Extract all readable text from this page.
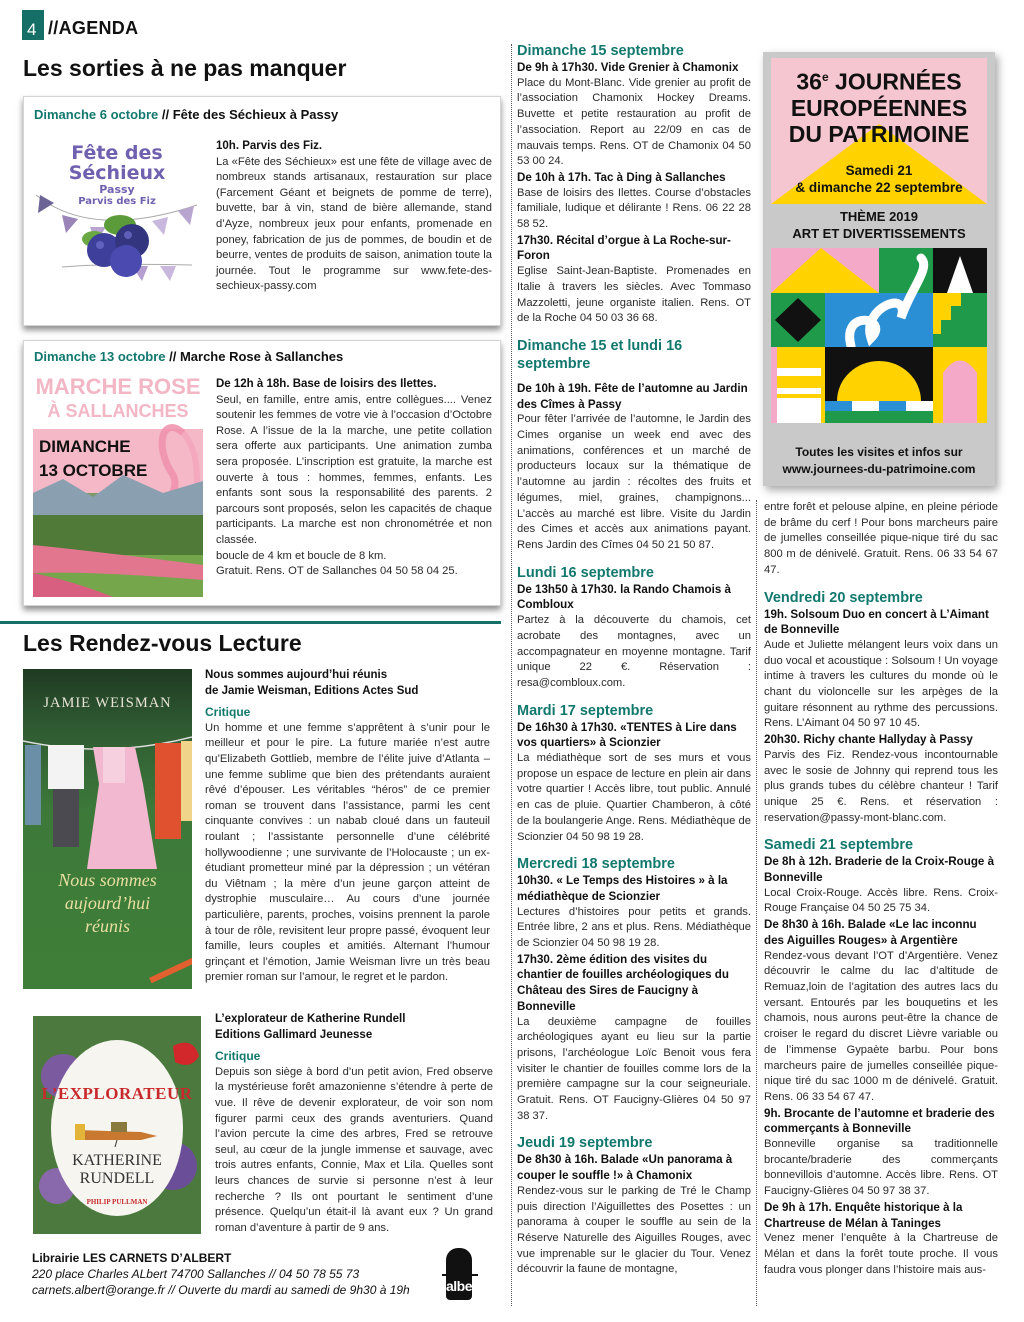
4 //AGENDA
Les sorties à ne pas manquer
Dimanche 6 octobre // Fête des Séchieux à Passy
Fête des
Séchieux
Passy
Parvis des Fiz
10h. Parvis des Fiz.
La «Fête des Séchieux» est une fête de village avec de nombreux stands artisanaux, restauration sur place (Farcement Géant et beignets de pomme de terre), buvette, bar à vin, stand de bière allemande, stand d’Ayze, nombreux jeux pour enfants, promenade en poney, fabrication de jus de pommes, de boudin et de beurre, ventes de produits de saison, animation toute la journée. Tout le programme sur www.fete-des-sechieux-passy.com
Dimanche 13 octobre // Marche Rose à Sallanches
MARCHE ROSE
À SALLANCHES
DIMANCHE
13 OCTOBRE
De 12h à 18h. Base de loisirs des Ilettes.
Seul, en famille, entre amis, entre collègues.... Venez soutenir les femmes de votre vie à l’occasion d’Octobre Rose. A l’issue de la la marche, une petite collation sera offerte aux participants. Une animation zumba sera proposée. L’inscription est gratuite, la marche est ouverte à tous : hommes, femmes, enfants. Les enfants sont sous la responsabilité des parents. 2 parcours sont proposés, selon les capacités de chaque participants. La marche est non chronométrée et non classée.
boucle de 4 km et boucle de 8 km.
Gratuit. Rens. OT de Sallanches 04 50 58 04 25.
Les Rendez-vous Lecture
JAMIE WEISMAN
Nous sommes
aujourd’hui
réunis
Nous sommes aujourd’hui réunis
de Jamie Weisman, Editions Actes Sud
Critique
Un homme et une femme s’apprêtent à s’unir pour le meilleur et pour le pire. La future mariée n’est autre qu’Elizabeth Gottlieb, membre de l’élite juive d’Atlanta – une femme sublime que bien des prétendants auraient rêvé d’épouser. Les véritables “héros” de ce premier roman se trouvent dans l’assistance, parmi les cent cinquante convives : un nabab cloué dans un fauteuil roulant ; l’assistante personnelle d’une célébrité hollywoodienne ; une survivante de l’Holocauste ; un ex-étudiant prometteur miné par la dépression ; un vétéran du Viêtnam ; la mère d’un jeune garçon atteint de dystrophie musculaire… Au cours d’une journée particulière, parents, proches, voisins prennent la parole à tour de rôle, revisitent leur propre passé, évoquent leur famille, leurs couples et amitiés. Alternant l’humour grinçant et l’émotion, Jamie Weisman livre un très beau premier roman sur l’amour, le regret et le pardon.
L’EXPLORATEUR
KATHERINE
RUNDELL
PHILIP PULLMAN
L’explorateur de Katherine Rundell
Editions Gallimard Jeunesse
Critique
Depuis son siège à bord d’un petit avion, Fred observe la mystérieuse forêt amazonienne s’étendre à perte de vue. Il rêve de devenir explorateur, de voir son nom figurer parmi ceux des grands aventuriers. Quand l’avion percute la cime des arbres, Fred se retrouve seul, au cœur de la jungle immense et sauvage, avec trois autres enfants, Connie, Max et Lila. Quelles sont leurs chances de survie si personne n’est à leur recherche ? Ils ont pourtant le sentiment d’une présence. Quelqu’un était-il là avant eux ? Un grand roman d’aventure à partir de 9 ans.
Librairie LES CARNETS D’ALBERT
220 place Charles ALbert 74700 Sallanches // 04 50 78 55 73
carnets.albert@orange.fr // Ouverte du mardi au samedi de 9h30 à 19h	albert
Dimanche 15 septembre
De 9h à 17h30. Vide Grenier à Chamonix
Place du Mont-Blanc. Vide grenier au profit de l’association Chamonix Hockey Dreams. Buvette et petite restauration au profit de l’association. Report au 22/09 en cas de mauvais temps. Rens. OT de Chamonix 04 50 53 00 24.
De 10h à 17h. Tac à Ding à Sallanches
Base de loisirs des Ilettes. Course d’obstacles familiale, ludique et délirante ! Rens. 06 22 28 58 52.
17h30. Récital d’orgue à La Roche-sur-Foron
Eglise Saint-Jean-Baptiste. Promenades en Italie à travers les siècles. Avec Tommaso Mazzoletti, jeune organiste italien. Rens. OT de la Roche 04 50 03 36 68.
Dimanche 15 et lundi 16 septembre
De 10h à 19h. Fête de l’automne au Jardin des Cîmes à Passy
Pour fêter l’arrivée de l’automne, le Jardin des Cimes organise un week end avec des animations, conférences et un marché de producteurs locaux sur la thématique de l’automne au jardin : récoltes des fruits et légumes, miel, graines, champignons... L’accès au marché est libre. Visite du Jardin des Cimes et accès aux animations payant. Rens Jardin des Cîmes 04 50 21 50 87.
Lundi 16 septembre
De 13h50 à 17h30. la Rando Chamois à Combloux
Partez à la découverte du chamois, cet acrobate des montagnes, avec un accompagnateur en moyenne montagne. Tarif unique 22 €. Réservation : resa@combloux.com.
Mardi 17 septembre
De 16h30 à 17h30. «TENTES à Lire dans vos quartiers» à Scionzier
La médiathèque sort de ses murs et vous propose un espace de lecture en plein air dans votre quartier ! Accès libre, tout public. Annulé en cas de pluie. Quartier Chamberon, à côté de la boulangerie Ange. Rens. Médiathèque de Scionzier 04 50 98 19 28.
Mercredi 18 septembre
10h30. « Le Temps des Histoires » à la médiathèque de Scionzier
Lectures d’histoires pour petits et grands. Entrée libre, 2 ans et plus. Rens. Médiathèque de Scionzier 04 50 98 19 28.
17h30. 2ème édition des visites du chantier de fouilles archéologiques du Château des Sires de Faucigny à Bonneville
La deuxième campagne de fouilles archéologiques ayant eu lieu sur la partie prisons, l’archéologue Loïc Benoit vous fera visiter le chantier de fouilles comme lors de la première campagne sur la cour seigneuriale. Gratuit. Rens. OT Faucigny-Glières 04 50 97 38 37.
Jeudi 19 septembre
De 8h30 à 16h. Balade «Un panorama à couper le souffle !» à Chamonix
Rendez-vous sur le parking de Tré le Champ puis direction l’Aiguillettes des Posettes : un panorama à couper le souffle au sein de la Réserve Naturelle des Aiguilles Rouges, avec vue imprenable sur le glacier du Tour. Venez découvrir la faune de montagne,
36e JOURNÉES
EUROPÉENNES
DU PATRIMOINE
Samedi 21
& dimanche 22 septembre
THÈME 2019
ART ET DIVERTISSEMENTS
Toutes les visites et infos sur
www.journees-du-patrimoine.com
entre forêt et pelouse alpine, en pleine période de brâme du cerf ! Pour bons marcheurs paire de jumelles conseillée pique-nique tiré du sac 800 m de dénivelé. Gratuit. Rens. 06 33 54 67 47.
Vendredi 20 septembre
19h. Solsoum Duo en concert à L’Aimant de Bonneville
Aude et Juliette mélangent leurs voix dans un duo vocal et acoustique : Solsoum ! Un voyage intime à travers les cultures du monde où le chant du violoncelle sur les arpèges de la guitare résonnent au rythme des percussions. Rens. L’Aimant 04 50 97 10 45.
20h30. Richy chante Hallyday à Passy
Parvis des Fiz. Rendez-vous incontournable avec le sosie de Johnny qui reprend tous les plus grands tubes du célèbre chanteur ! Tarif unique 25 €. Rens. et réservation : reservation@passy-mont-blanc.com.
Samedi 21 septembre
De 8h à 12h. Braderie de la Croix-Rouge à Bonneville
Local Croix-Rouge. Accès libre. Rens. Croix-Rouge Française 04 50 25 75 34.
De 8h30 à 16h. Balade «Le lac inconnu des Aiguilles Rouges» à Argentière
Rendez-vous devant l’OT d’Argentière. Venez découvrir le calme du lac d’altitude de Remuaz,loin de l’agitation des autres lacs du versant. Entourés par les bouquetins et les chamois, nous aurons peut-être la chance de croiser le regard du discret Lièvre variable ou de l’immense Gypaète barbu. Pour bons marcheurs paire de jumelles conseillée pique-nique tiré du sac 1000 m de dénivelé. Gratuit. Rens. 06 33 54 67 47.
9h. Brocante de l’automne et braderie des commerçants à Bonneville
Bonneville organise sa traditionnelle brocante/braderie des commerçants bonnevillois d’automne. Accès libre. Rens. OT Faucigny-Glières 04 50 97 38 37.
De 9h à 17h. Enquête historique à la Chartreuse de Mélan à Taninges
Venez mener l’enquête à la Chartreuse de Mélan et dans la forêt toute proche. Il vous faudra vous plonger dans l’histoire mais aus-
